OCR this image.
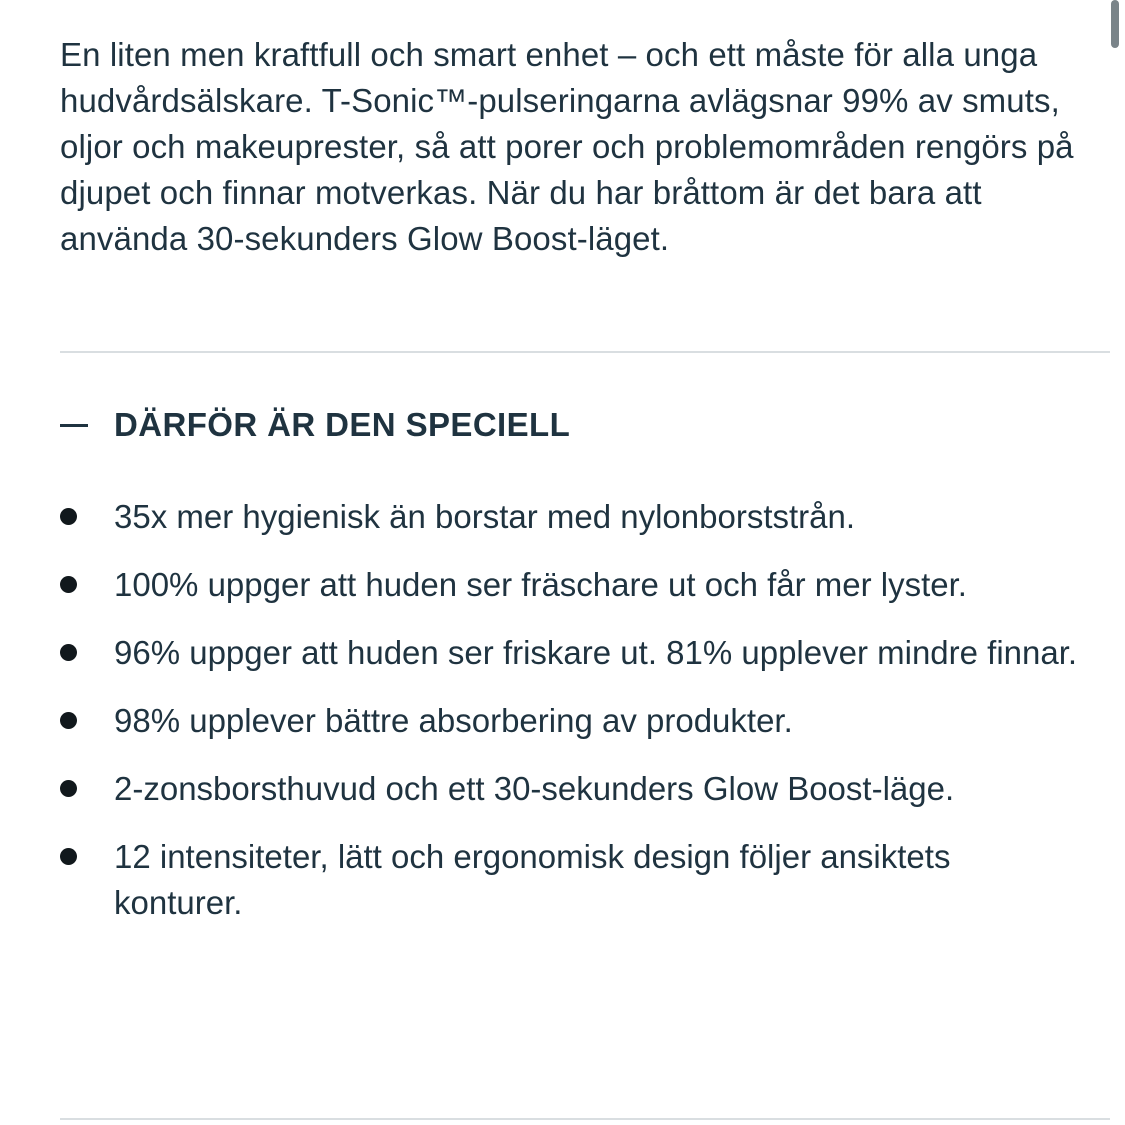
En liten men kraftfull och smart enhet – och ett måste för alla unga hudvårdsälskare. T-Sonic™-pulseringarna avlägsnar 99% av smuts, oljor och makeuprester, så att porer och problemområden rengörs på djupet och finnar motverkas. När du har bråttom är det bara att använda 30-sekunders Glow Boost-läget.

DÄRFÖR ÄR DEN SPECIELL
35x mer hygienisk än borstar med nylonborststrån.
100% uppger att huden ser fräschare ut och får mer lyster.
96% uppger att huden ser friskare ut. 81% upplever mindre finnar.
98% upplever bättre absorbering av produkter.
2-zonsborsthuvud och ett 30-sekunders Glow Boost-läge.
12 intensiteter, lätt och ergonomisk design följer ansiktets konturer.
